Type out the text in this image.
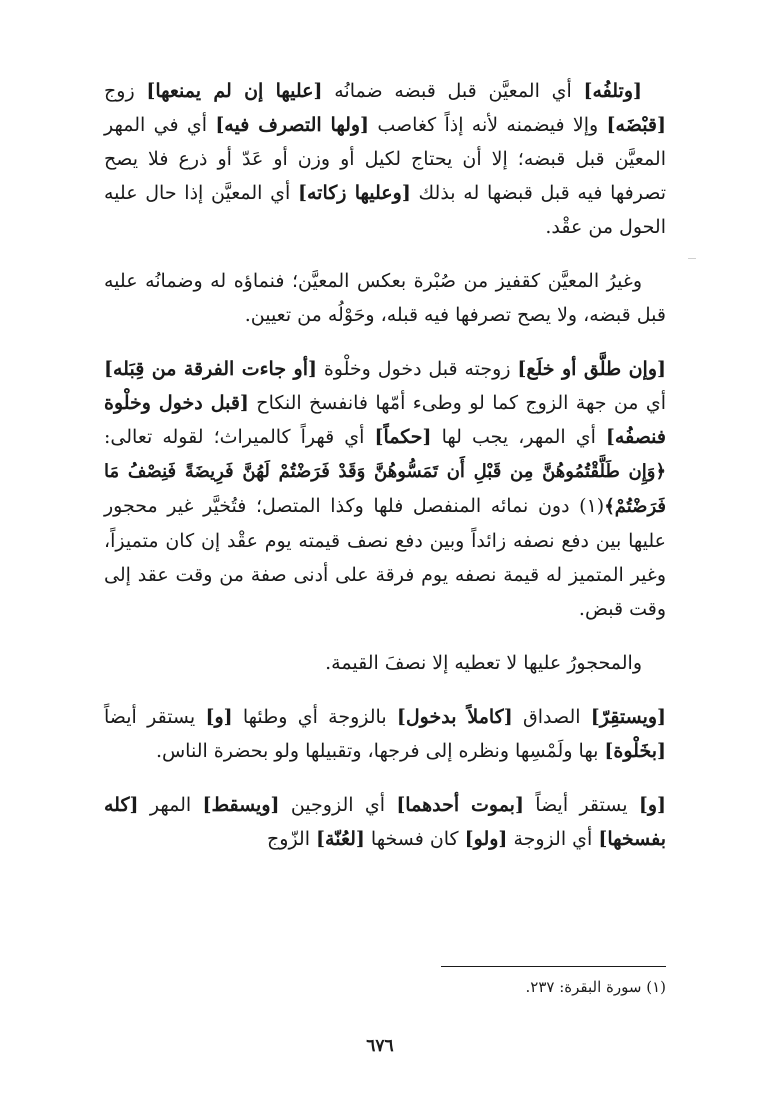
[وتلفُه] أي المعيَّن قبل قبضه ضمانُه [عليها إن لم يمنعها] زوج [قبْضَه] وإلا فيضمنه لأنه إذاً كغاصب [ولها التصرف فيه] أي في المهر المعيَّن قبل قبضه؛ إلا أن يحتاج لكيل أو وزن أو عَدّ أو ذرع فلا يصح تصرفها فيه قبل قبضها له بذلك [وعليها زكاته] أي المعيَّن إذا حال عليه الحول من عقْد.

وغيرُ المعيَّن كقفيز من صُبْرة بعكس المعيَّن؛ فنماؤه له وضمانُه عليه قبل قبضه، ولا يصح تصرفها فيه قبله، وحَوْلُه من تعيين.

[وإن طلَّق أو خلَع] زوجته قبل دخول وخلْوة [أو جاءت الفرقة من قِبَله] أي من جهة الزوج كما لو وطىء أمّها فانفسخ النكاح [قبل دخول وخلْوة فنصفُه] أي المهر، يجب لها [حكماً] أي قهراً كالميراث؛ لقوله تعالى: ﴿وَإِن طَلَّقْتُمُوهُنَّ مِن قَبْلِ أَن تَمَسُّوهُنَّ وَقَدْ فَرَضْتُمْ لَهُنَّ فَرِيضَةً فَنِصْفُ مَا فَرَضْتُمْ﴾(١) دون نمائه المنفصل فلها وكذا المتصل؛ فتُخيَّر غير محجور عليها بين دفع نصفه زائداً وبين دفع نصف قيمته يوم عقْد إن كان متميزاً، وغير المتميز له قيمة نصفه يوم فرقة على أدنى صفة من وقت عقد إلى وقت قبض.

والمحجورُ عليها لا تعطيه إلا نصفَ القيمة.

[ويستقِرّ] الصداق [كاملاً بدخول] بالزوجة أي وطئها [و] يستقر أيضاً [بخَلْوة] بها ولَمْسِها ونظره إلى فرجها، وتقبيلها ولو بحضرة الناس.

[و] يستقر أيضاً [بموت أحدهما] أي الزوجين [ويسقط] المهر [كله بفسخها] أي الزوجة [ولو] كان فسخها [لعُنّة] الزّوج

(١) سورة البقرة: ٢٣٧.
٦٧٦
